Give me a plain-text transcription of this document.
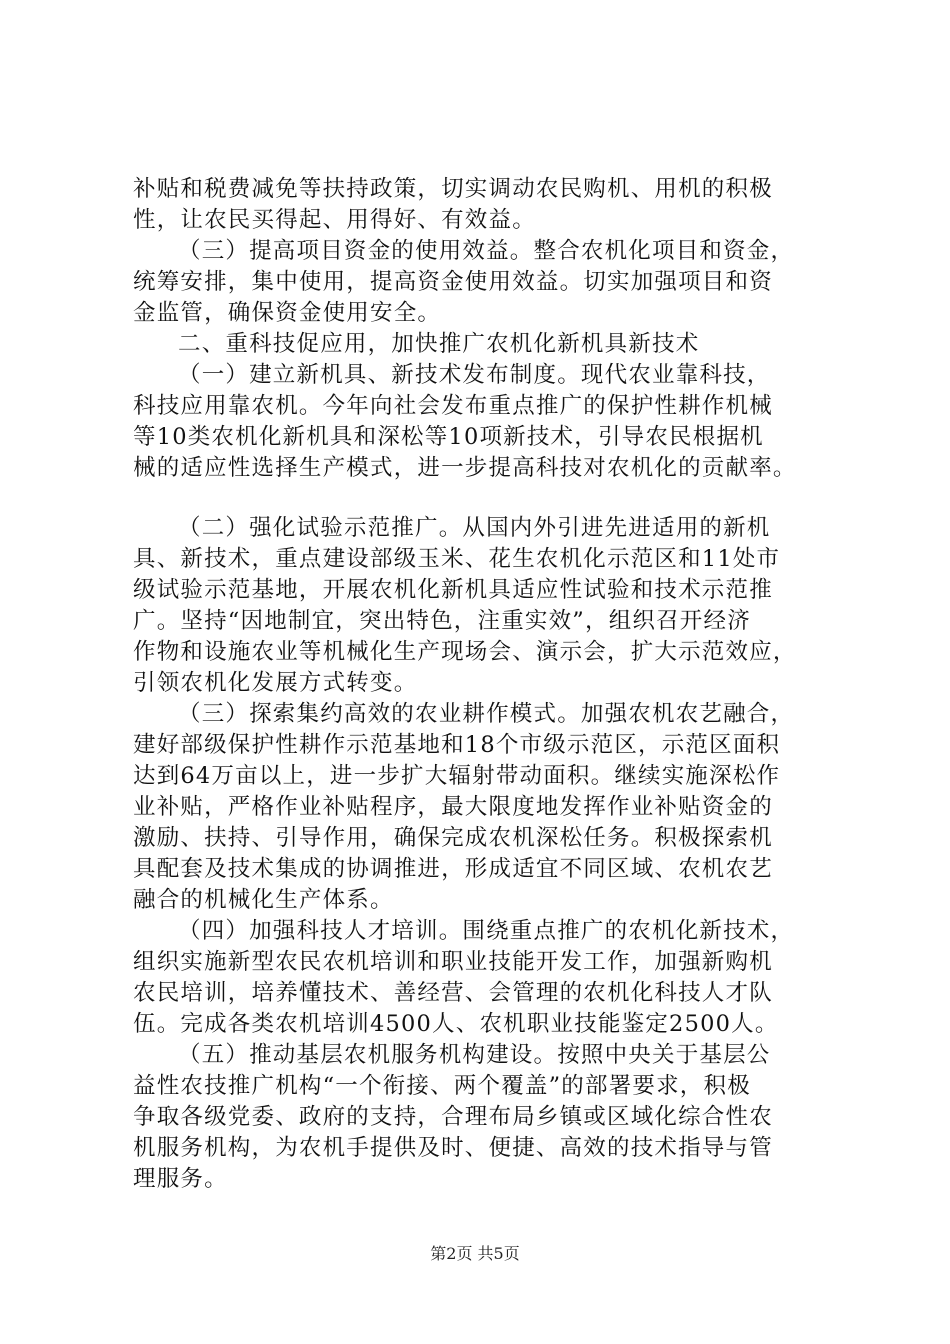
补贴和税费减免等扶持政策，切实调动农民购机、用机的积极
性，让农民买得起、用得好、有效益。
（三）提高项目资金的使用效益。整合农机化项目和资金，
统筹安排，集中使用，提高资金使用效益。切实加强项目和资
金监管，确保资金使用安全。
二、重科技促应用，加快推广农机化新机具新技术
（一）建立新机具、新技术发布制度。现代农业靠科技，
科技应用靠农机。今年向社会发布重点推广的保护性耕作机械
等10类农机化新机具和深松等10项新技术，引导农民根据机
械的适应性选择生产模式，进一步提高科技对农机化的贡献率。
（二）强化试验示范推广。从国内外引进先进适用的新机
具、新技术，重点建设部级玉米、花生农机化示范区和11处市
级试验示范基地，开展农机化新机具适应性试验和技术示范推
广。坚持“因地制宜，突出特色，注重实效”，组织召开经济
作物和设施农业等机械化生产现场会、演示会，扩大示范效应，
引领农机化发展方式转变。
（三）探索集约高效的农业耕作模式。加强农机农艺融合，
建好部级保护性耕作示范基地和18个市级示范区，示范区面积
达到64万亩以上，进一步扩大辐射带动面积。继续实施深松作
业补贴，严格作业补贴程序，最大限度地发挥作业补贴资金的
激励、扶持、引导作用，确保完成农机深松任务。积极探索机
具配套及技术集成的协调推进，形成适宜不同区域、农机农艺
融合的机械化生产体系。
（四）加强科技人才培训。围绕重点推广的农机化新技术，
组织实施新型农民农机培训和职业技能开发工作，加强新购机
农民培训，培养懂技术、善经营、会管理的农机化科技人才队
伍。完成各类农机培训4500人、农机职业技能鉴定2500人。
（五）推动基层农机服务机构建设。按照中央关于基层公
益性农技推广机构“一个衔接、两个覆盖”的部署要求，积极
争取各级党委、政府的支持，合理布局乡镇或区域化综合性农
机服务机构，为农机手提供及时、便捷、高效的技术指导与管
理服务。
第2页 共5页
